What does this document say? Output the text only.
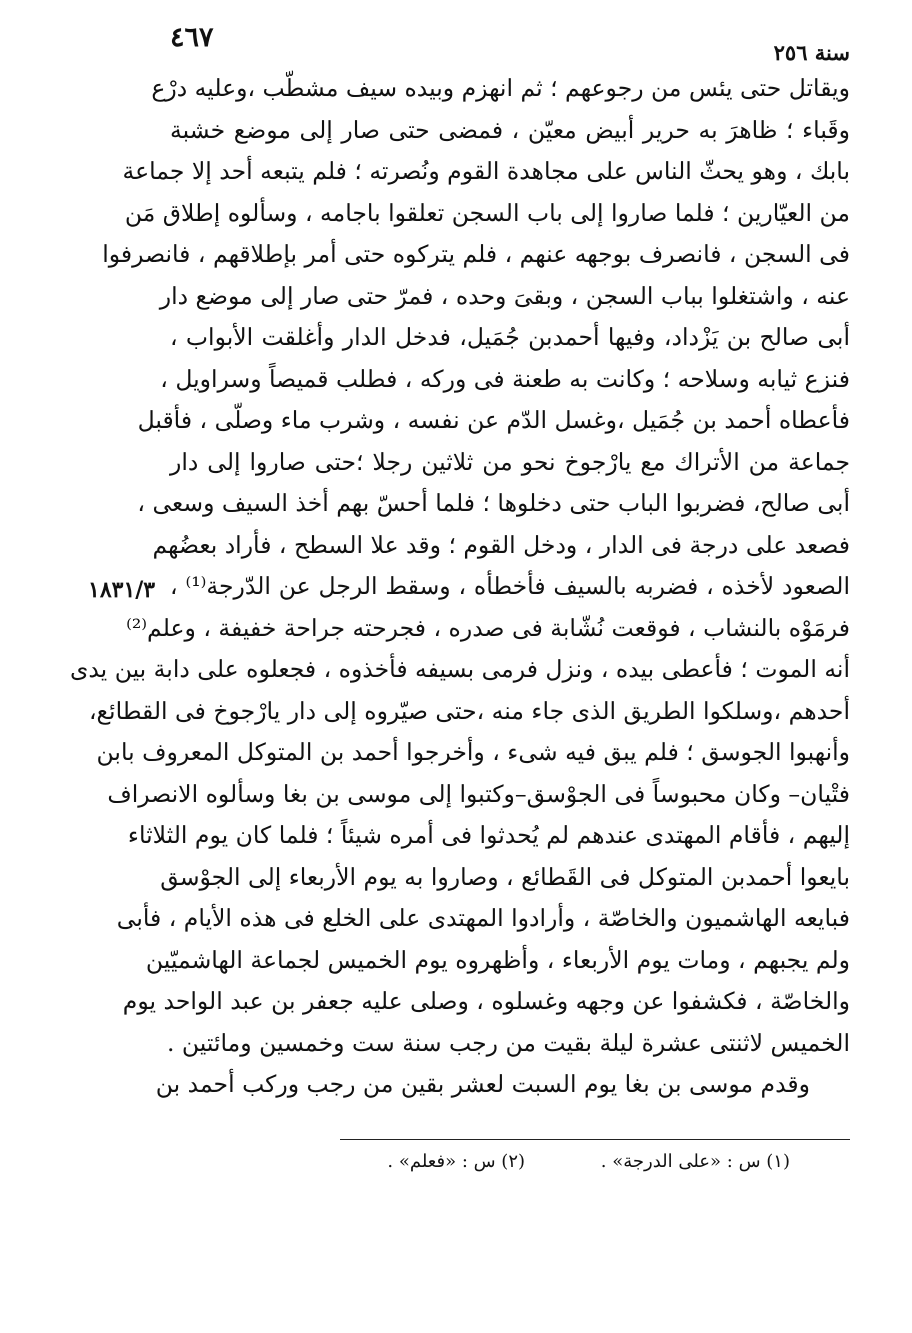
سنة ٢٥٦
٤٦٧
ويقاتل حتى يئس من رجوعهم ؛ ثم انهزم وبيده سيف مشطّب ،وعليه درْع
وقَباء ؛ ظاهرَ به حرير أبيض معيّن ، فمضى حتى صار إلى موضع خشبة
بابك ، وهو يحثّ الناس على مجاهدة القوم ونُصرته ؛ فلم يتبعه أحد إلا جماعة
من العيّارين ؛ فلما صاروا إلى باب السجن تعلقوا باجامه ، وسألوه إطلاق مَن
فى السجن ، فانصرف بوجهه عنهم ، فلم يتركوه حتى أمر بإطلاقهم ، فانصرفوا
عنه ، واشتغلوا بباب السجن ، وبقىَ وحده ، فمرّ حتى صار إلى موضع دار
أبى صالح بن يَزْداد، وفيها أحمدبن جُمَيل، فدخل الدار وأغلقت الأبواب ،
فنزع ثيابه وسلاحه ؛ وكانت به طعنة فى وركه ، فطلب قميصاً وسراويل ،
فأعطاه أحمد بن جُمَيل ،وغسل الدّم عن نفسه ، وشرب ماء وصلّى ، فأقبل
جماعة من الأتراك مع يارْجوخ نحو من ثلاثين رجلا ؛حتى صاروا إلى دار
أبى صالح، فضربوا الباب حتى دخلوها ؛ فلما أحسّ بهم أخذ السيف وسعى ،
فصعد على درجة فى الدار ، ودخل القوم ؛ وقد علا السطح ، فأراد بعضُهم
الصعود لأخذه ، فضربه بالسيف فأخطأه ، وسقط الرجل عن الدّرجة⁽¹⁾ ،
فرمَوْه بالنشاب ، فوقعت نُشّابة فى صدره ، فجرحته جراحة خفيفة ، وعلم⁽²⁾
أنه الموت ؛ فأعطى بيده ، ونزل فرمى بسيفه فأخذوه ، فجعلوه على دابة بين يدى
أحدهم ،وسلكوا الطريق الذى جاء منه ،حتى صيّروه إلى دار يارْجوخ فى القطائع،
وأنهبوا الجوسق ؛ فلم يبق فيه شىء ، وأخرجوا أحمد بن المتوكل المعروف بابن
فتْيان– وكان محبوساً فى الجوْسق–وكتبوا إلى موسى بن بغا وسألوه الانصراف
إليهم ، فأقام المهتدى عندهم لم يُحدثوا فى أمره شيئاً ؛ فلما كان يوم الثلاثاء
بايعوا أحمدبن المتوكل فى القَطائع ، وصاروا به يوم الأربعاء إلى الجوْسق
فبايعه الهاشميون والخاصّة ، وأرادوا المهتدى على الخلع فى هذه الأيام ، فأبى
ولم يجبهم ، ومات يوم الأربعاء ، وأظهروه يوم الخميس لجماعة الهاشميّين
والخاصّة ، فكشفوا عن وجهه وغسلوه ، وصلى عليه جعفر بن عبد الواحد يوم
الخميس لاثنتى عشرة ليلة بقيت من رجب سنة ست وخمسين ومائتين .
وقدم موسى بن بغا يوم السبت لعشر بقين من رجب وركب أحمد بن
١٨٣١/٣
(١) س : «على الدرجة» . (٢) س : «فعلم» .
